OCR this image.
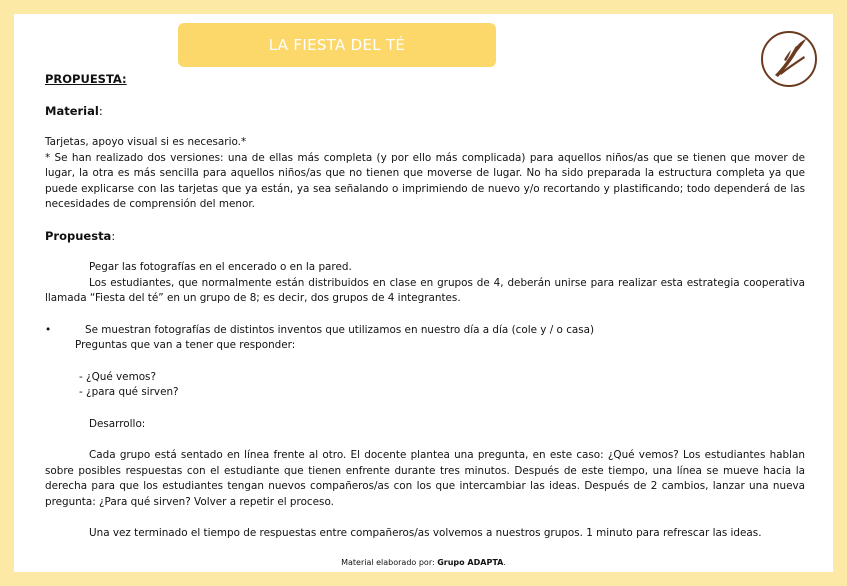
LA FIESTA DEL TÉ

PROPUESTA:

Material:

Tarjetas, apoyo visual si es necesario.*

* Se han realizado dos versiones: una de ellas más completa (y por ello más complicada) para aquellos niños/as que se tienen que mover de lugar, la otra es más sencilla para aquellos niños/as que no tienen que moverse de lugar. No ha sido preparada la estructura completa ya que puede explicarse con las tarjetas que ya están, ya sea señalando o imprimiendo de nuevo y/o recortando y plastificando; todo dependerá de las necesidades de comprensión del menor.

Propuesta:

Pegar las fotografías en el encerado o en la pared.

Los estudiantes, que normalmente están distribuidos en clase en grupos de 4, deberán unirse para realizar esta estrategia cooperativa llamada “Fiesta del té” en un grupo de 8; es decir, dos grupos de 4 integrantes.

•	Se muestran fotografías de distintos inventos que utilizamos en nuestro día a día (cole y / o casa)

Preguntas que van a tener que responder:

- ¿Qué vemos?

- ¿para qué sirven?

Desarrollo:

Cada grupo está sentado en línea frente al otro. El docente plantea una pregunta, en este caso: ¿Qué vemos? Los estudiantes hablan sobre posibles respuestas con el estudiante que tienen enfrente durante tres minutos. Después de este tiempo, una línea se mueve hacia la derecha para que los estudiantes tengan nuevos compañeros/as con los que intercambiar las ideas. Después de 2 cambios, lanzar una nueva pregunta: ¿Para qué sirven? Volver a repetir el proceso.

Una vez terminado el tiempo de respuestas entre compañeros/as volvemos a nuestros grupos. 1 minuto para refrescar las ideas.

Material elaborado por: Grupo ADAPTA.
